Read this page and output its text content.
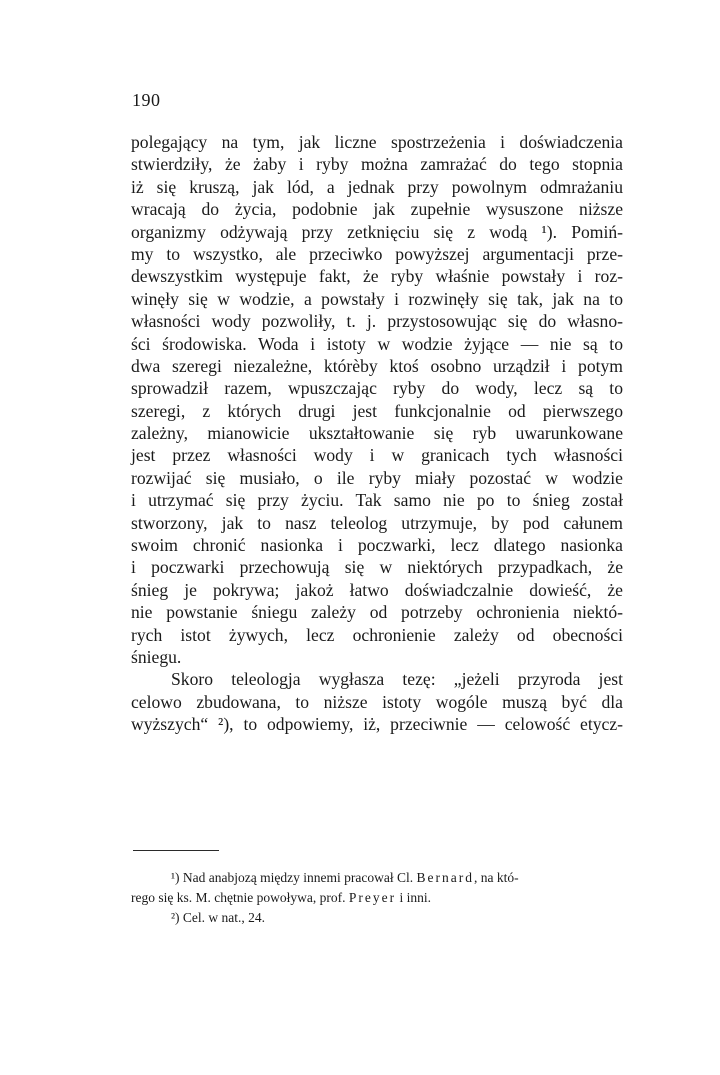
190
polegający na tym, jak liczne spostrzeżenia i doświadczenia
stwierdziły, że żaby i ryby można zamrażać do tego stopnia
iż się kruszą, jak lód, a jednak przy powolnym odmrażaniu
wracają do życia, podobnie jak zupełnie wysuszone niższe
organizmy odżywają przy zetknięciu się z wodą ¹). Pomiń-
my to wszystko, ale przeciwko powyższej argumentacji prze-
dewszystkim występuje fakt, że ryby właśnie powstały i roz-
winęły się w wodzie, a powstały i rozwinęły się tak, jak na to
własności wody pozwoliły, t. j. przystosowując się do własno-
ści środowiska. Woda i istoty w wodzie żyjące — nie są to
dwa szeregi niezależne, którèby ktoś osobno urządził i potym
sprowadził razem, wpuszczając ryby do wody, lecz są to
szeregi, z których drugi jest funkcjonalnie od pierwszego
zależny, mianowicie ukształtowanie się ryb uwarunkowane
jest przez własności wody i w granicach tych własności
rozwijać się musiało, o ile ryby miały pozostać w wodzie
i utrzymać się przy życiu. Tak samo nie po to śnieg został
stworzony, jak to nasz teleolog utrzymuje, by pod całunem
swoim chronić nasionka i poczwarki, lecz dlatego nasionka
i poczwarki przechowują się w niektórych przypadkach, że
śnieg je pokrywa; jakoż łatwo doświadczalnie dowieść, że
nie powstanie śniegu zależy od potrzeby ochronienia niektó-
rych istot żywych, lecz ochronienie zależy od obecności
śniegu.
Skoro teleologja wygłasza tezę: „jeżeli przyroda jest
celowo zbudowana, to niższe istoty wogóle muszą być dla
wyższych“ ²), to odpowiemy, iż, przeciwnie — celowość etycz-
¹) Nad anabjozą między innemi pracował Cl. Bernard, na któ-
rego się ks. M. chętnie powoływa, prof. Preyer i inni.
²) Cel. w nat., 24.
